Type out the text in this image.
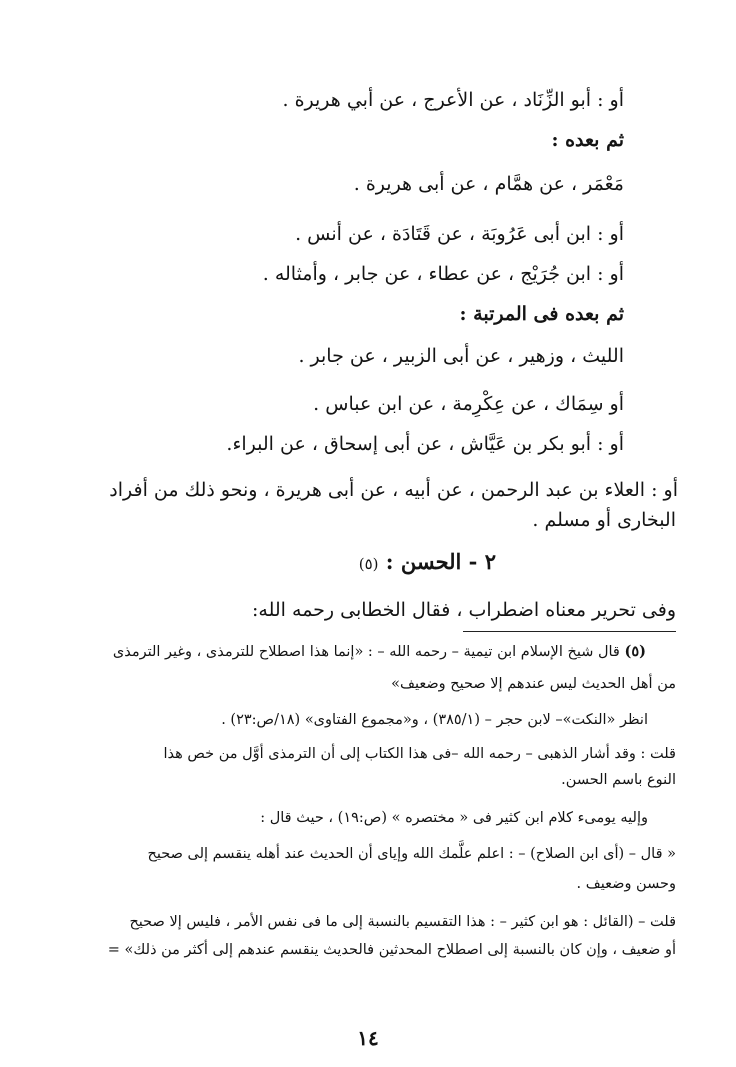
أو : أبو الزِّنَاد ، عن الأعرج ، عن أبي هريرة .
ثم بعده :
مَعْمَر ، عن همَّام ، عن أبى هريرة .
أو : ابن أبى عَرُوبَة ، عن قَتَادَة ، عن أنس .
أو : ابن جُرَيْج ، عن عطاء ، عن جابر ، وأمثاله .
ثم بعده فى المرتبة :
الليث ، وزهير ، عن أبى الزبير ، عن جابر .
أو سِمَاك ، عن عِكْرِمة ، عن ابن عباس .
أو : أبو بكر بن عَيَّاش ، عن أبى إسحاق ، عن البراء.
أو : العلاء بن عبد الرحمن ، عن أبيه ، عن أبى هريرة ، ونحو ذلك من أفراد
البخارى أو مسلم .
٢ - الحسن : (٥)
وفى تحرير معناه اضطراب ، فقال الخطابى رحمه الله:
(٥) قال شيخ الإسلام ابن تيمية – رحمه الله – : «إنما هذا اصطلاح للترمذى ، وغير الترمذى
من أهل الحديث ليس عندهم إلا صحيح وضعيف»
انظر «النكت»– لابن حجر – (٣٨٥/١) ، و«مجموع الفتاوى» (١٨/ص:٢٣) .
قلت : وقد أشار الذهبى – رحمه الله –فى هذا الكتاب إلى أن الترمذى أوَّل من خص هذا
النوع باسم الحسن.
وإليه يومىء كلام ابن كثير فى « مختصره » (ص:١٩) ، حيث قال :
« قال – (أى ابن الصلاح) – : اعلم علَّمك الله وإياى أن الحديث عند أهله ينقسم إلى صحيح
وحسن وضعيف .
قلت – (القائل : هو ابن كثير – : هذا التقسيم بالنسبة إلى ما فى نفس الأمر ، فليس إلا صحيح
أو ضعيف ، وإن كان بالنسبة إلى اصطلاح المحدثين فالحديث ينقسم عندهم إلى أكثر من ذلك» =
١٤
